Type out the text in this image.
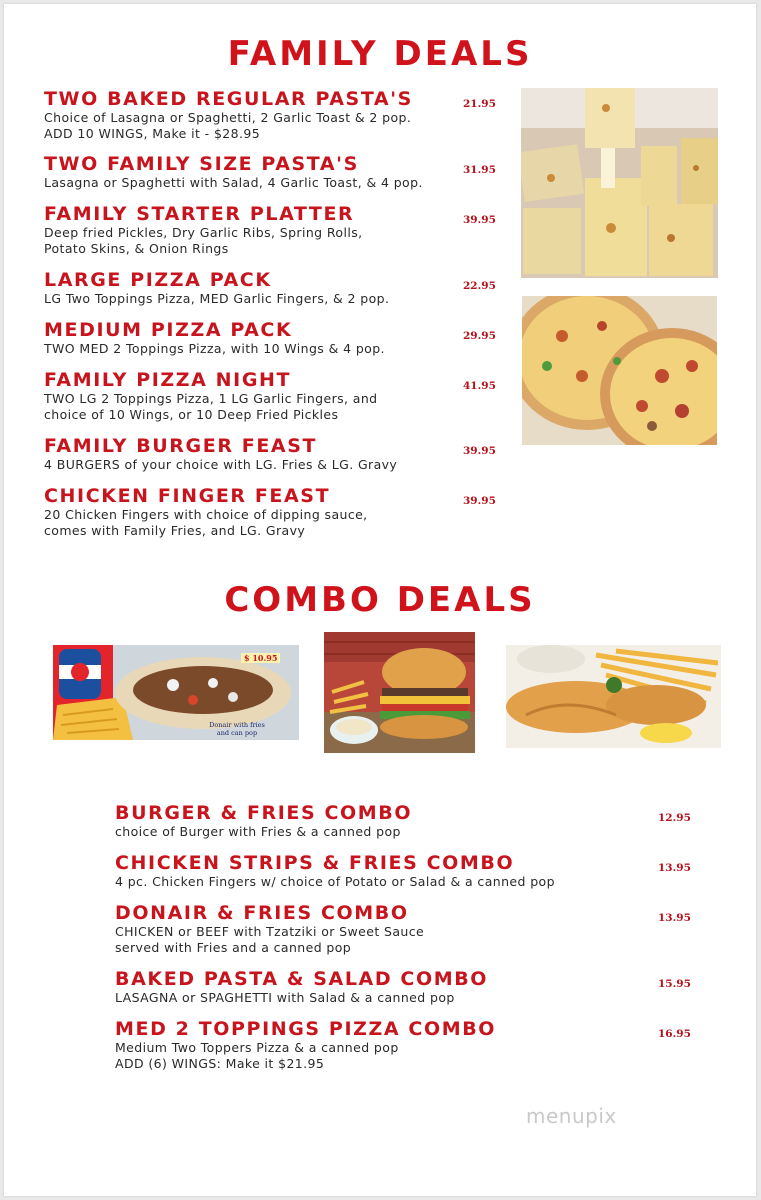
FAMILY DEALS
TWO BAKED REGULAR PASTA'S
Choice of Lasagna or Spaghetti, 2 Garlic Toast & 2 pop.
ADD 10 WINGS, Make it - $28.95
21.95
TWO FAMILY SIZE PASTA'S
Lasagna or Spaghetti with Salad, 4 Garlic Toast, & 4 pop.
31.95
FAMILY STARTER PLATTER
Deep fried Pickles, Dry Garlic Ribs, Spring Rolls,
Potato Skins, & Onion Rings
39.95
LARGE PIZZA PACK
LG Two Toppings Pizza, MED Garlic Fingers, & 2 pop.
22.95
MEDIUM PIZZA PACK
TWO MED 2 Toppings Pizza, with 10 Wings & 4 pop.
29.95
FAMILY PIZZA NIGHT
TWO LG 2 Toppings Pizza, 1 LG Garlic Fingers, and
choice of 10 Wings, or 10 Deep Fried Pickles
41.95
FAMILY BURGER FEAST
4 BURGERS of your choice with LG. Fries & LG. Gravy
39.95
CHICKEN FINGER FEAST
20 Chicken Fingers with choice of dipping sauce,
comes with Family Fries, and LG. Gravy
39.95
COMBO DEALS
$ 10.95
Donair with fries
and can pop
BURGER & FRIES COMBO
choice of Burger with Fries & a canned pop
12.95
CHICKEN STRIPS & FRIES COMBO
4 pc. Chicken Fingers w/ choice of Potato or Salad & a canned pop
13.95
DONAIR & FRIES COMBO
CHICKEN or BEEF with Tzatziki or Sweet Sauce
served with Fries and a canned pop
13.95
BAKED PASTA & SALAD COMBO
LASAGNA or SPAGHETTI with Salad & a canned pop
15.95
MED 2 TOPPINGS PIZZA COMBO
Medium Two Toppers Pizza & a canned pop
ADD (6) WINGS: Make it $21.95
16.95
menupix
